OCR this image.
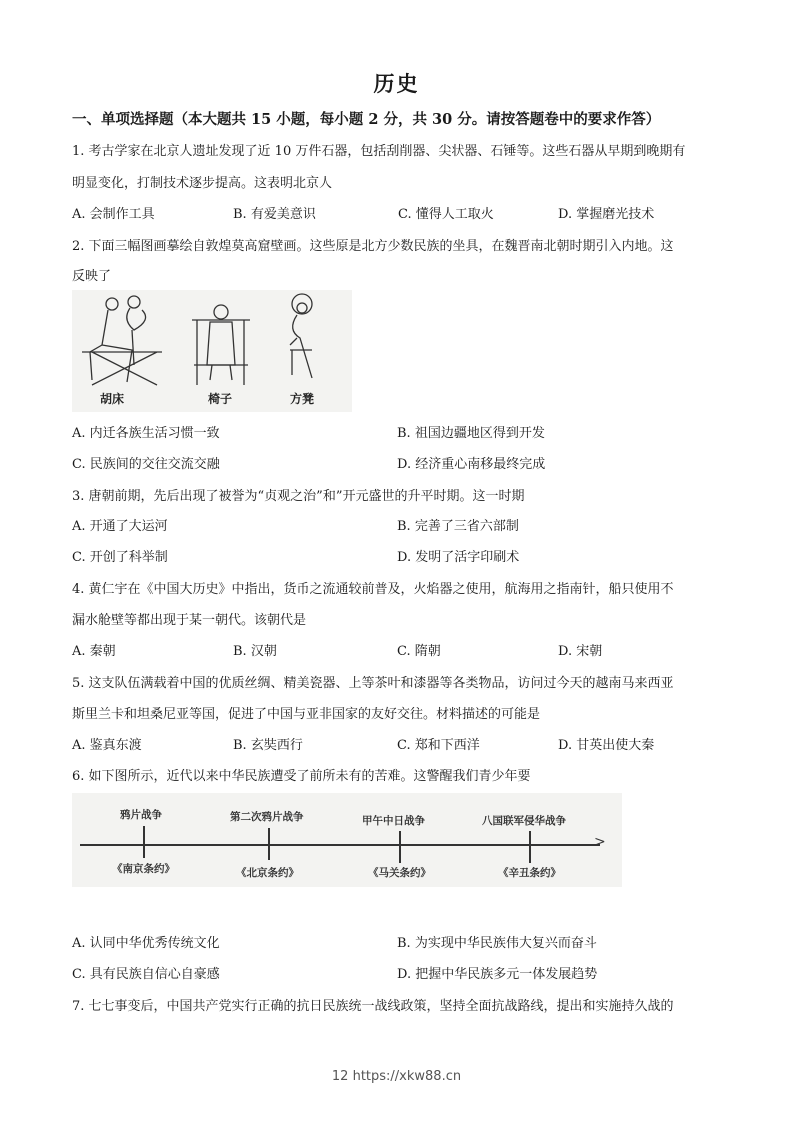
历史
一、单项选择题（本大题共 15 小题，每小题 2 分，共 30 分。请按答题卷中的要求作答）
1. 考古学家在北京人遗址发现了近 10 万件石器，包括刮削器、尖状器、石锤等。这些石器从早期到晚期有
明显变化，打制技术逐步提高。这表明北京人
A. 会制作工具	B. 有爱美意识	C. 懂得人工取火	D. 掌握磨光技术
2. 下面三幅图画摹绘自敦煌莫高窟壁画。这些原是北方少数民族的坐具，在魏晋南北朝时期引入内地。这
反映了
胡床	椅子	方凳
A. 内迁各族生活习惯一致	B. 祖国边疆地区得到开发
C. 民族间的交往交流交融	D. 经济重心南移最终完成
3. 唐朝前期，先后出现了被誉为“贞观之治”和”开元盛世的升平时期。这一时期
A. 开通了大运河	B. 完善了三省六部制
C. 开创了科举制	D. 发明了活字印刷术
4. 黄仁宇在《中国大历史》中指出，货币之流通较前普及，火焰器之使用，航海用之指南针，船只使用不
漏水舱壁等都出现于某一朝代。该朝代是
A. 秦朝	B. 汉朝	C. 隋朝	D. 宋朝
5. 这支队伍满载着中国的优质丝绸、精美瓷器、上等茶叶和漆器等各类物品，访问过今天的越南马来西亚
斯里兰卡和坦桑尼亚等国，促进了中国与亚非国家的友好交往。材料描述的可能是
A. 鉴真东渡	B. 玄奘西行	C. 郑和下西洋	D. 甘英出使大秦
6. 如下图所示，近代以来中华民族遭受了前所未有的苦难。这警醒我们青少年要
>
鸦片战争
《南京条约》
第二次鸦片战争
《北京条约》
甲午中日战争
《马关条约》
八国联军侵华战争
《辛丑条约》
A. 认同中华优秀传统文化	B. 为实现中华民族伟大复兴而奋斗
C. 具有民族自信心自豪感	D. 把握中华民族多元一体发展趋势
7. 七七事变后，中国共产党实行正确的抗日民族统一战线政策，坚持全面抗战路线，提出和实施持久战的
12 https://xkw88.cn
